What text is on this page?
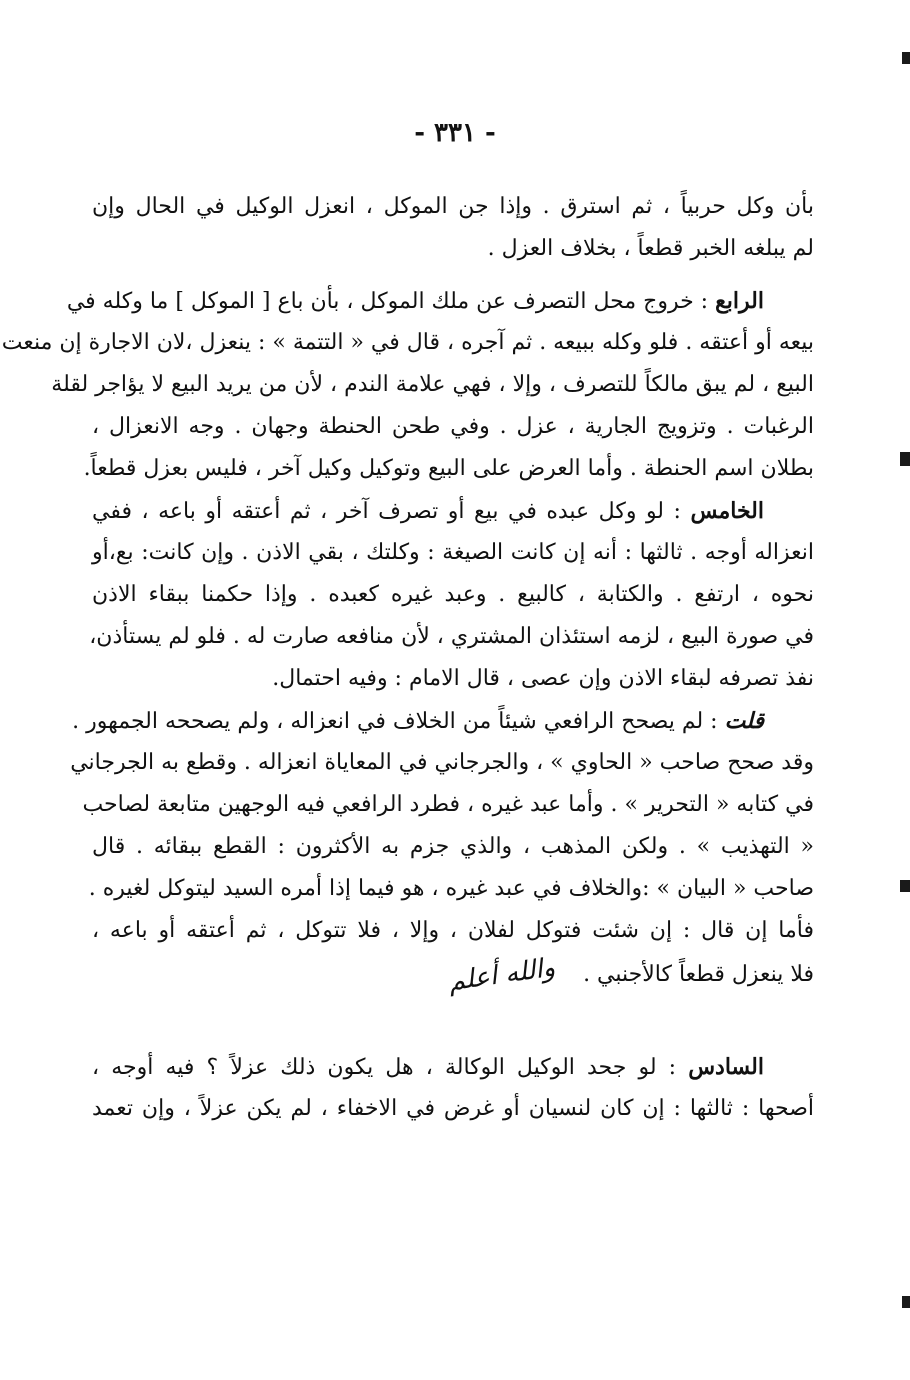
- ٣٣١ -
بأن وكل حربياً ، ثم استرق . وإذا جن الموكل ، انعزل الوكيل في الحال وإن
لم يبلغه الخبر قطعاً ، بخلاف العزل .
الرابع : خروج محل التصرف عن ملك الموكل ، بأن باع [ الموكل ] ما وكله في
بيعه أو أعتقه . فلو وكله ببيعه . ثم آجره ، قال في « التتمة » : ينعزل ،لان الاجارة إن منعت
البيع ، لم يبق مالكاً للتصرف ، وإلا ، فهي علامة الندم ، لأن من يريد البيع لا يؤاجر لقلة
الرغبات . وتزويج الجارية ، عزل . وفي طحن الحنطة وجهان . وجه الانعزال ،
بطلان اسم الحنطة . وأما العرض على البيع وتوكيل وكيل آخر ، فليس بعزل قطعاً.
الخامس : لو وكل عبده في بيع أو تصرف آخر ، ثم أعتقه أو باعه ، ففي
انعزاله أوجه . ثالثها : أنه إن كانت الصيغة : وكلتك ، بقي الاذن . وإن كانت: بع،أو
نحوه ، ارتفع . والكتابة ، كالبيع . وعبد غيره كعبده . وإذا حكمنا ببقاء الاذن
في صورة البيع ، لزمه استئذان المشتري ، لأن منافعه صارت له . فلو لم يستأذن،
نفذ تصرفه لبقاء الاذن وإن عصى ، قال الامام : وفيه احتمال.
قلت : لم يصحح الرافعي شيئاً من الخلاف في انعزاله ، ولم يصححه الجمهور .
وقد صحح صاحب « الحاوي » ، والجرجاني في المعاياة انعزاله . وقطع به الجرجاني
في كتابه « التحرير » . وأما عبد غيره ، فطرد الرافعي فيه الوجهين متابعة لصاحب
« التهذيب » . ولكن المذهب ، والذي جزم به الأكثرون : القطع ببقائه . قال
صاحب « البيان » :والخلاف في عبد غيره ، هو فيما إذا أمره السيد ليتوكل لغيره .
فأما إن قال : إن شئت فتوكل لفلان ، وإلا ، فلا تتوكل ، ثم أعتقه أو باعه ،
فلا ينعزل قطعاً كالأجنبي .والله أعلم
السادس : لو جحد الوكيل الوكالة ، هل يكون ذلك عزلاً ؟ فيه أوجه ،
أصحها : ثالثها : إن كان لنسيان أو غرض في الاخفاء ، لم يكن عزلاً ، وإن تعمد
